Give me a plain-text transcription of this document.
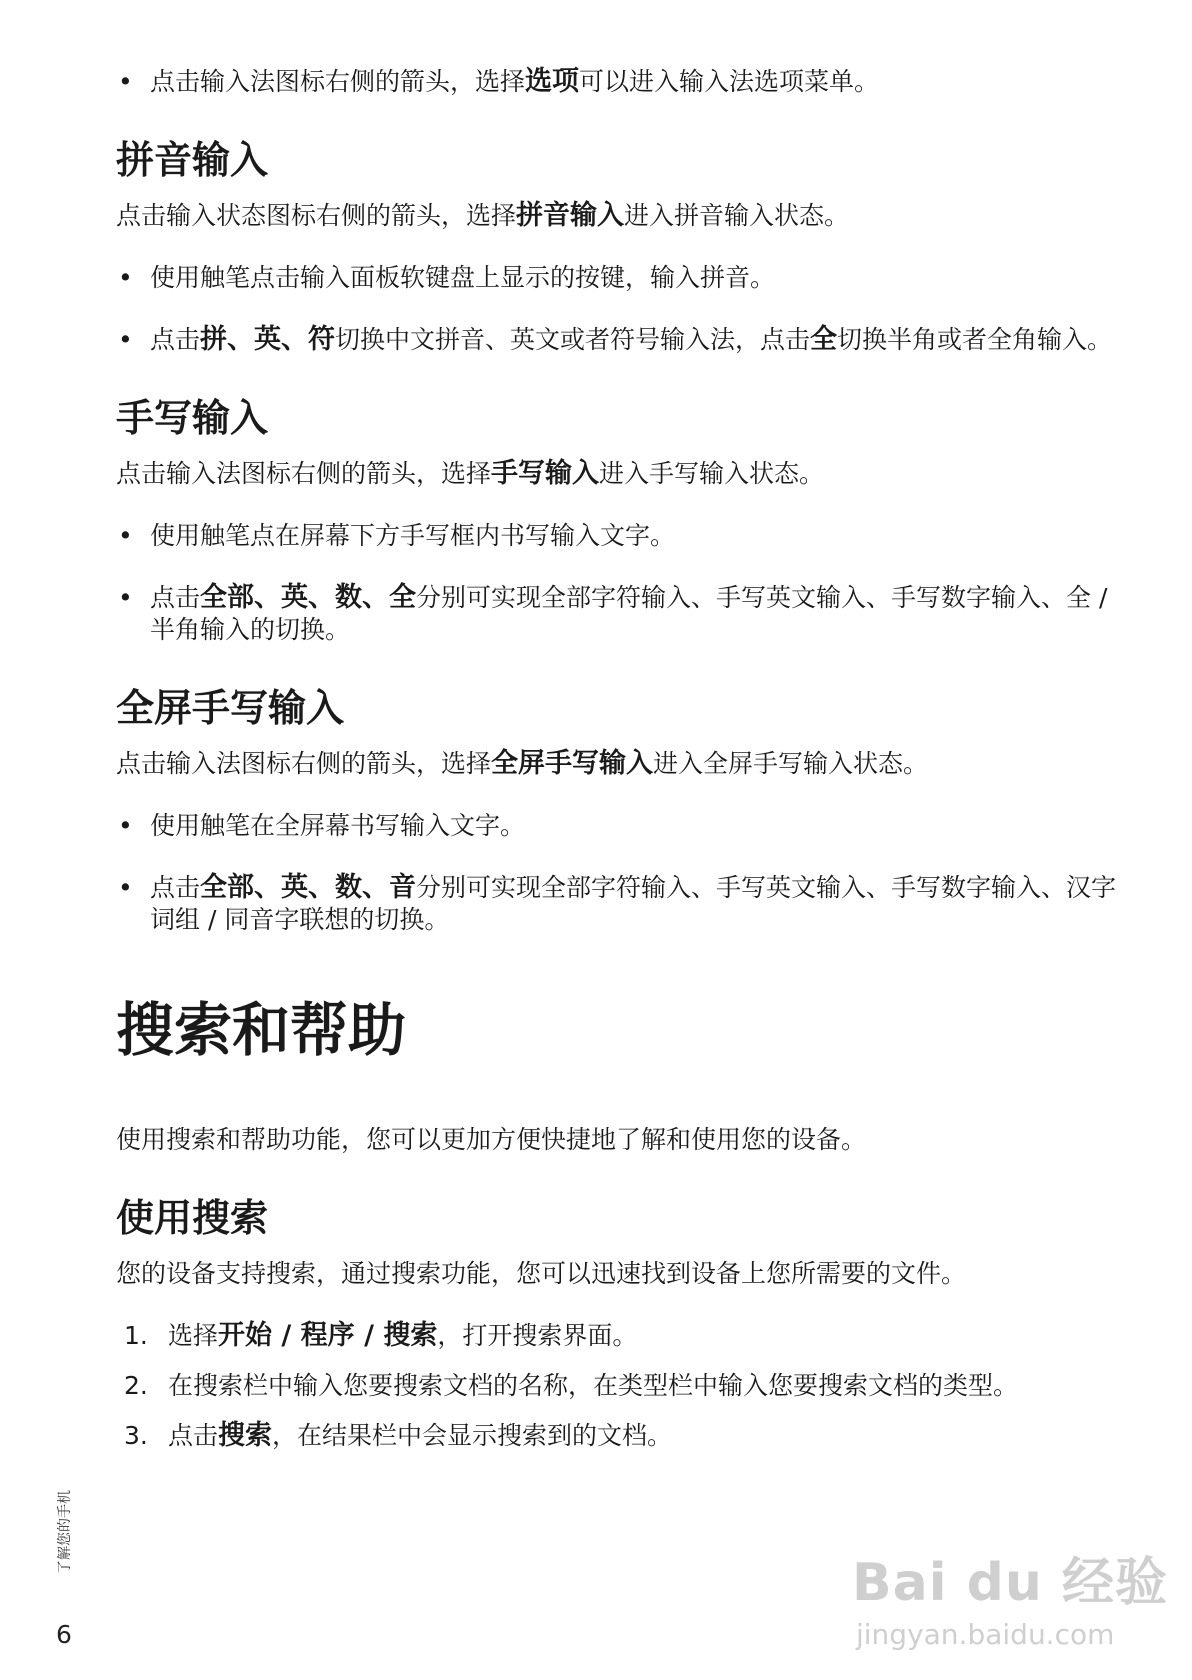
• 点击输入法图标右侧的箭头，选择选项可以进入输入法选项菜单。
拼音输入
点击输入状态图标右侧的箭头，选择拼音输入进入拼音输入状态。
• 使用触笔点击输入面板软键盘上显示的按键，输入拼音。
• 点击拼、英、符切换中文拼音、英文或者符号输入法，点击全切换半角或者全角输入。
手写输入
点击输入法图标右侧的箭头，选择手写输入进入手写输入状态。
• 使用触笔点在屏幕下方手写框内书写输入文字。
• 点击全部、英、数、全分别可实现全部字符输入、手写英文输入、手写数字输入、全 / 半角输入的切换。
全屏手写输入
点击输入法图标右侧的箭头，选择全屏手写输入进入全屏手写输入状态。
• 使用触笔在全屏幕书写输入文字。
• 点击全部、英、数、音分别可实现全部字符输入、手写英文输入、手写数字输入、汉字词组 / 同音字联想的切换。
搜索和帮助
使用搜索和帮助功能，您可以更加方便快捷地了解和使用您的设备。
使用搜索
您的设备支持搜索，通过搜索功能，您可以迅速找到设备上您所需要的文件。
1. 选择开始 / 程序 / 搜索，打开搜索界面。
2. 在搜索栏中输入您要搜索文档的名称，在类型栏中输入您要搜索文档的类型。
3. 点击搜索，在结果栏中会显示搜索到的文档。
了解您的手机
6
Bai du 经验
jingyan.baidu.com
